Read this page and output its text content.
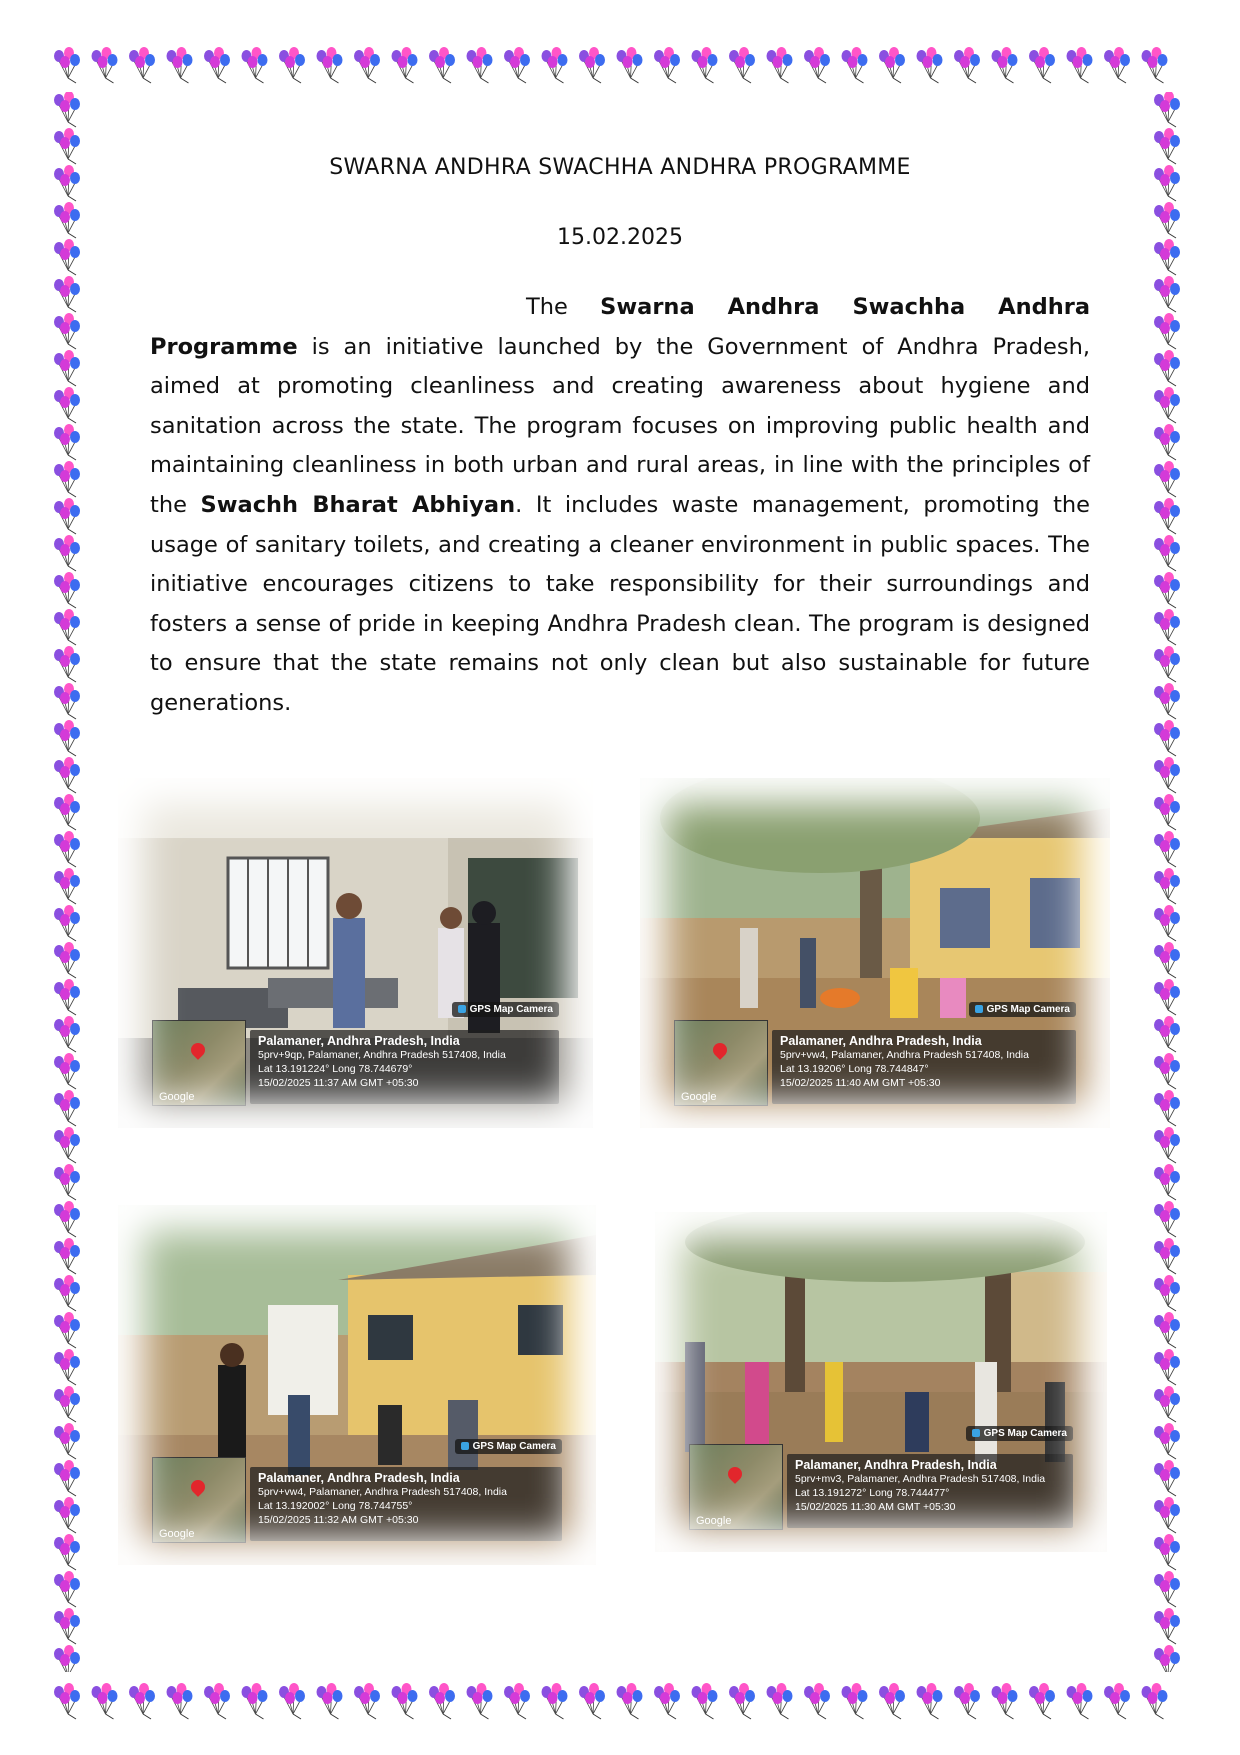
SWARNA ANDHRA SWACHHA ANDHRA PROGRAMME
15.02.2025

The Swarna Andhra Swachha Andhra Programme is an initiative launched by the Government of Andhra Pradesh, aimed at promoting cleanliness and creating awareness about hygiene and sanitation across the state. The program focuses on improving public health and maintaining cleanliness in both urban and rural areas, in line with the principles of the Swachh Bharat Abhiyan. It includes waste management, promoting the usage of sanitary toilets, and creating a cleaner environment in public spaces. The initiative encourages citizens to take responsibility for their surroundings and fosters a sense of pride in keeping Andhra Pradesh clean. The program is designed to ensure that the state remains not only clean but also sustainable for future generations.

Google
GPS Map Camera
Palamaner, Andhra Pradesh, India
5prv+9qp, Palamaner, Andhra Pradesh 517408, India
Lat 13.191224° Long 78.744679°
15/02/2025 11:37 AM GMT +05:30
Google
GPS Map Camera
Palamaner, Andhra Pradesh, India
5prv+vw4, Palamaner, Andhra Pradesh 517408, India
Lat 13.19206° Long 78.744847°
15/02/2025 11:40 AM GMT +05:30
Google
GPS Map Camera
Palamaner, Andhra Pradesh, India
5prv+vw4, Palamaner, Andhra Pradesh 517408, India
Lat 13.192002° Long 78.744755°
15/02/2025 11:32 AM GMT +05:30	Google
GPS Map Camera
Palamaner, Andhra Pradesh, India
5prv+mv3, Palamaner, Andhra Pradesh 517408, India
Lat 13.191272° Long 78.744477°
15/02/2025 11:30 AM GMT +05:30
